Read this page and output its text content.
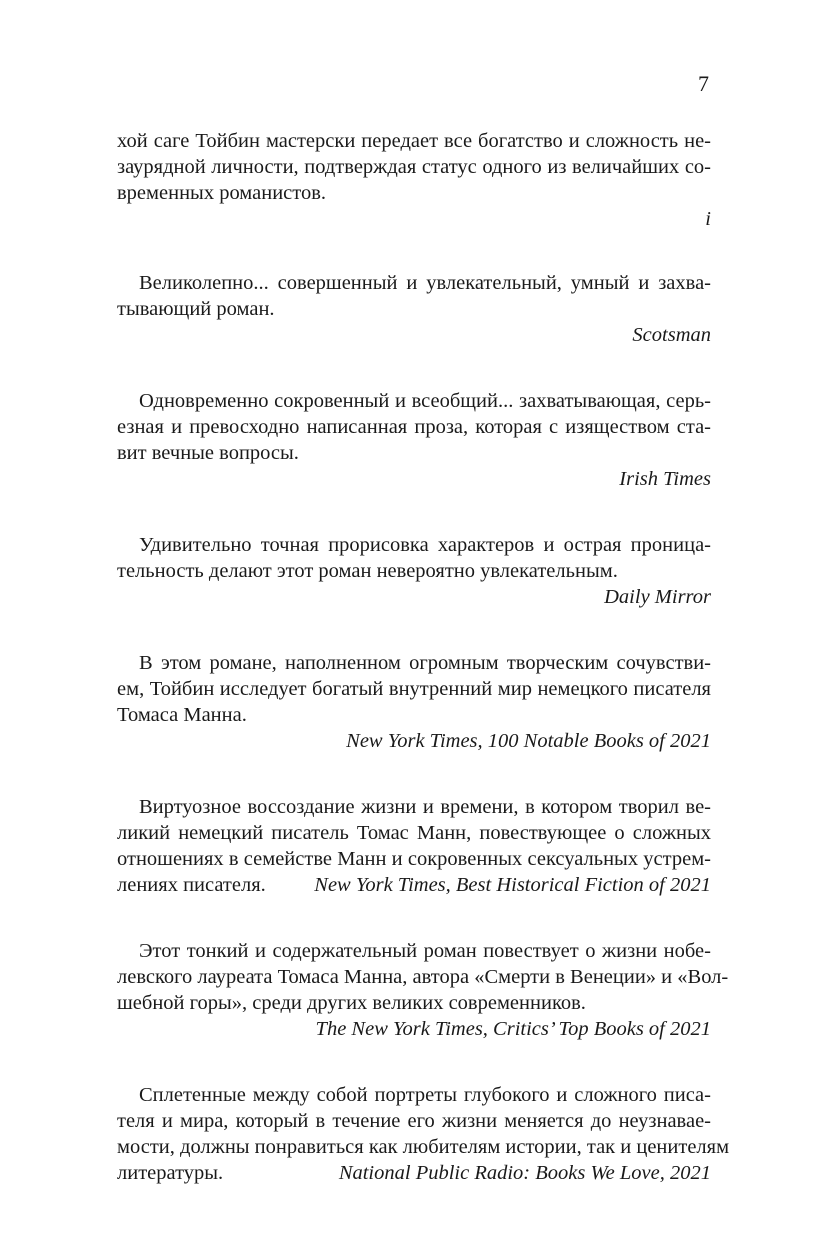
7
хой саге Тойбин мастерски передает все богатство и сложность не-
заурядной личности, подтверждая статус одного из величайших со-
временных романистов.
i
Великолепно... совершенный и увлекательный, умный и захва-
тывающий роман.
Scotsman
Одновременно сокровенный и всеобщий... захватывающая, серь-
езная и превосходно написанная проза, которая с изяществом ста-
вит вечные вопросы.
Irish Times
Удивительно точная прорисовка характеров и острая проница-
тельность делают этот роман невероятно увлекательным.
Daily Mirror
В этом романе, наполненном огромным творческим сочувстви-
ем, Тойбин исследует богатый внутренний мир немецкого писателя
Томаса Манна.
New York Times, 100 Notable Books of 2021
Виртуозное воссоздание жизни и времени, в котором творил ве-
ликий немецкий писатель Томас Манн, повествующее о сложных
отношениях в семействе Манн и сокровенных сексуальных устрем-
лениях писателя.	New York Times, Best Historical Fiction of 2021
Этот тонкий и содержательный роман повествует о жизни нобе-
левского лауреата Томаса Манна, автора «Смерти в Венеции» и «Вол-
шебной горы», среди других великих современников.
The New York Times, Critics’ Top Books of 2021
Сплетенные между собой портреты глубокого и сложного писа-
теля и мира, который в течение его жизни меняется до неузнавае-
мости, должны понравиться как любителям истории, так и ценителям
литературы.	National Public Radio: Books We Love, 2021
